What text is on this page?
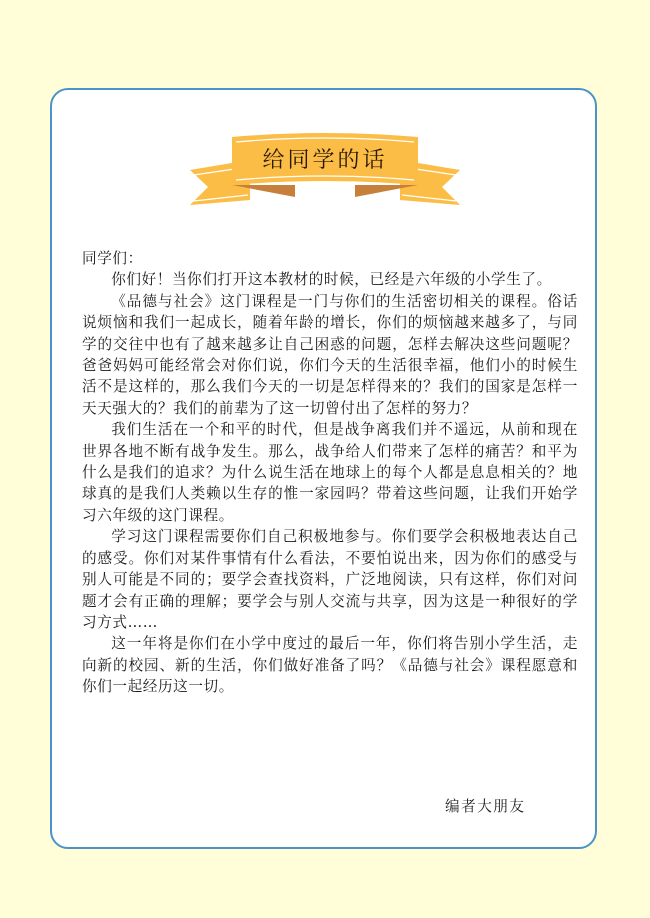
给同学的话

同学们：

你们好！当你们打开这本教材的时候，已经是六年级的小学生了。

《品德与社会》这门课程是一门与你们的生活密切相关的课程。俗话说烦恼和我们一起成长，随着年龄的增长，你们的烦恼越来越多了，与同学的交往中也有了越来越多让自己困惑的问题，怎样去解决这些问题呢？爸爸妈妈可能经常会对你们说，你们今天的生活很幸福，他们小的时候生活不是这样的，那么我们今天的一切是怎样得来的？我们的国家是怎样一天天强大的？我们的前辈为了这一切曾付出了怎样的努力？

我们生活在一个和平的时代，但是战争离我们并不遥远，从前和现在世界各地不断有战争发生。那么，战争给人们带来了怎样的痛苦？和平为什么是我们的追求？为什么说生活在地球上的每个人都是息息相关的？地球真的是我们人类赖以生存的惟一家园吗？带着这些问题，让我们开始学习六年级的这门课程。

学习这门课程需要你们自己积极地参与。你们要学会积极地表达自己的感受。你们对某件事情有什么看法，不要怕说出来，因为你们的感受与别人可能是不同的；要学会查找资料，广泛地阅读，只有这样，你们对问题才会有正确的理解；要学会与别人交流与共享，因为这是一种很好的学习方式……

这一年将是你们在小学中度过的最后一年，你们将告别小学生活，走向新的校园、新的生活，你们做好准备了吗？《品德与社会》课程愿意和你们一起经历这一切。

编者大朋友
